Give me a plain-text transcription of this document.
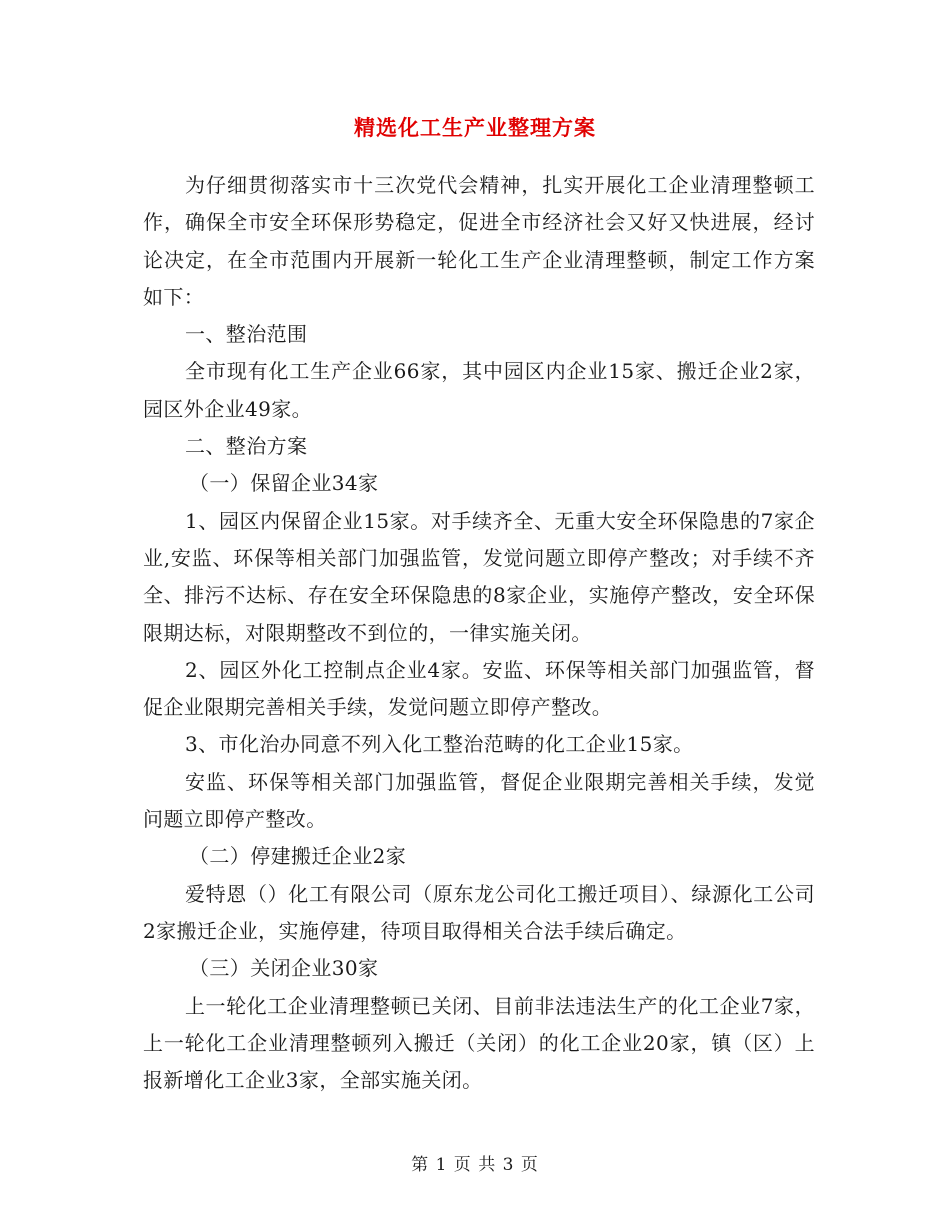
精选化工生产业整理方案

为仔细贯彻落实市十三次党代会精神，扎实开展化工企业清理整顿工作，确保全市安全环保形势稳定，促进全市经济社会又好又快进展，经讨论决定，在全市范围内开展新一轮化工生产企业清理整顿，制定工作方案如下：

一、整治范围

全市现有化工生产企业66家，其中园区内企业15家、搬迁企业2家，园区外企业49家。

二、整治方案

（一）保留企业34家

1、园区内保留企业15家。对手续齐全、无重大安全环保隐患的7家企业,安监、环保等相关部门加强监管，发觉问题立即停产整改；对手续不齐全、排污不达标、存在安全环保隐患的8家企业，实施停产整改，安全环保限期达标，对限期整改不到位的，一律实施关闭。

2、园区外化工控制点企业4家。安监、环保等相关部门加强监管，督促企业限期完善相关手续，发觉问题立即停产整改。

3、市化治办同意不列入化工整治范畴的化工企业15家。

安监、环保等相关部门加强监管，督促企业限期完善相关手续，发觉问题立即停产整改。

（二）停建搬迁企业2家

爱特恩（）化工有限公司（原东龙公司化工搬迁项目）、绿源化工公司2家搬迁企业，实施停建，待项目取得相关合法手续后确定。

（三）关闭企业30家

上一轮化工企业清理整顿已关闭、目前非法违法生产的化工企业7家，上一轮化工企业清理整顿列入搬迁（关闭）的化工企业20家，镇（区）上报新增化工企业3家，全部实施关闭。

第 1 页 共 3 页
